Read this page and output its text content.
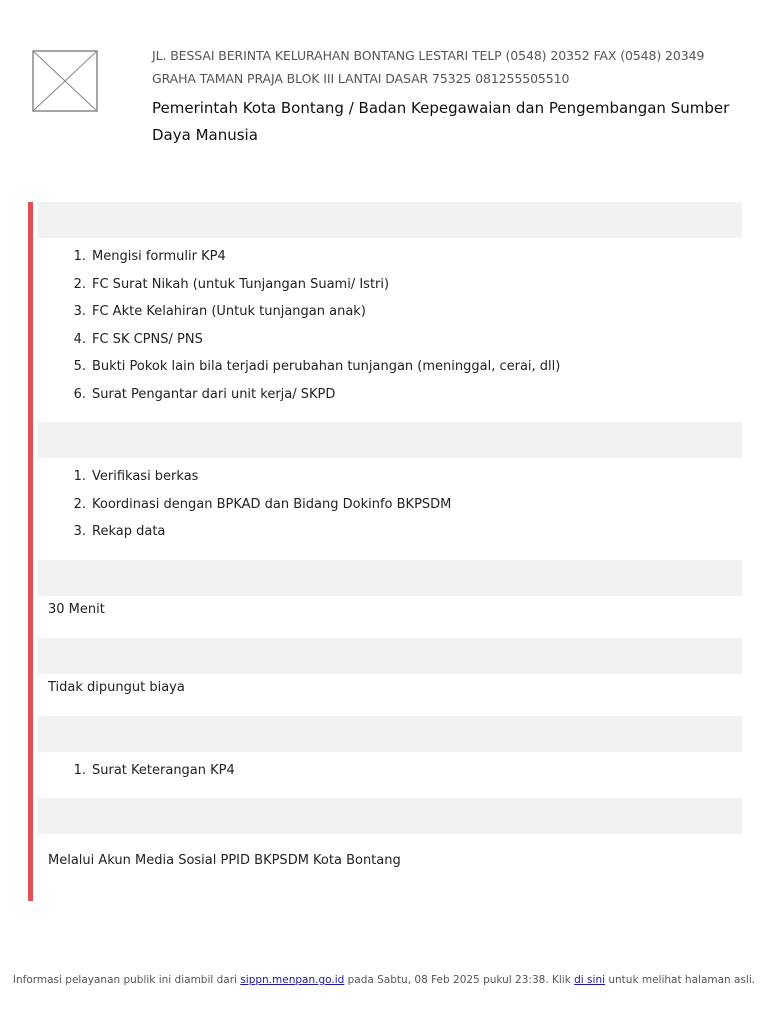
JL. BESSAI BERINTA KELURAHAN BONTANG LESTARI TELP (0548) 20352 FAX (0548) 20349
GRAHA TAMAN PRAJA BLOK III LANTAI DASAR 75325 081255505510
Pemerintah Kota Bontang / Badan Kepegawaian dan Pengembangan Sumber Daya Manusia
1. Mengisi formulir KP4
2. FC Surat Nikah (untuk Tunjangan Suami/ Istri)
3. FC Akte Kelahiran (Untuk tunjangan anak)
4. FC SK CPNS/ PNS
5. Bukti Pokok lain bila terjadi perubahan tunjangan (meninggal, cerai, dll)
6. Surat Pengantar dari unit kerja/ SKPD
1. Verifikasi berkas
2. Koordinasi dengan BPKAD dan Bidang Dokinfo BKPSDM
3. Rekap data
30 Menit
Tidak dipungut biaya
1. Surat Keterangan KP4
Melalui Akun Media Sosial PPID BKPSDM Kota Bontang
Informasi pelayanan publik ini diambil dari sippn.menpan.go.id pada Sabtu, 08 Feb 2025 pukul 23:38. Klik di sini untuk melihat halaman asli.
